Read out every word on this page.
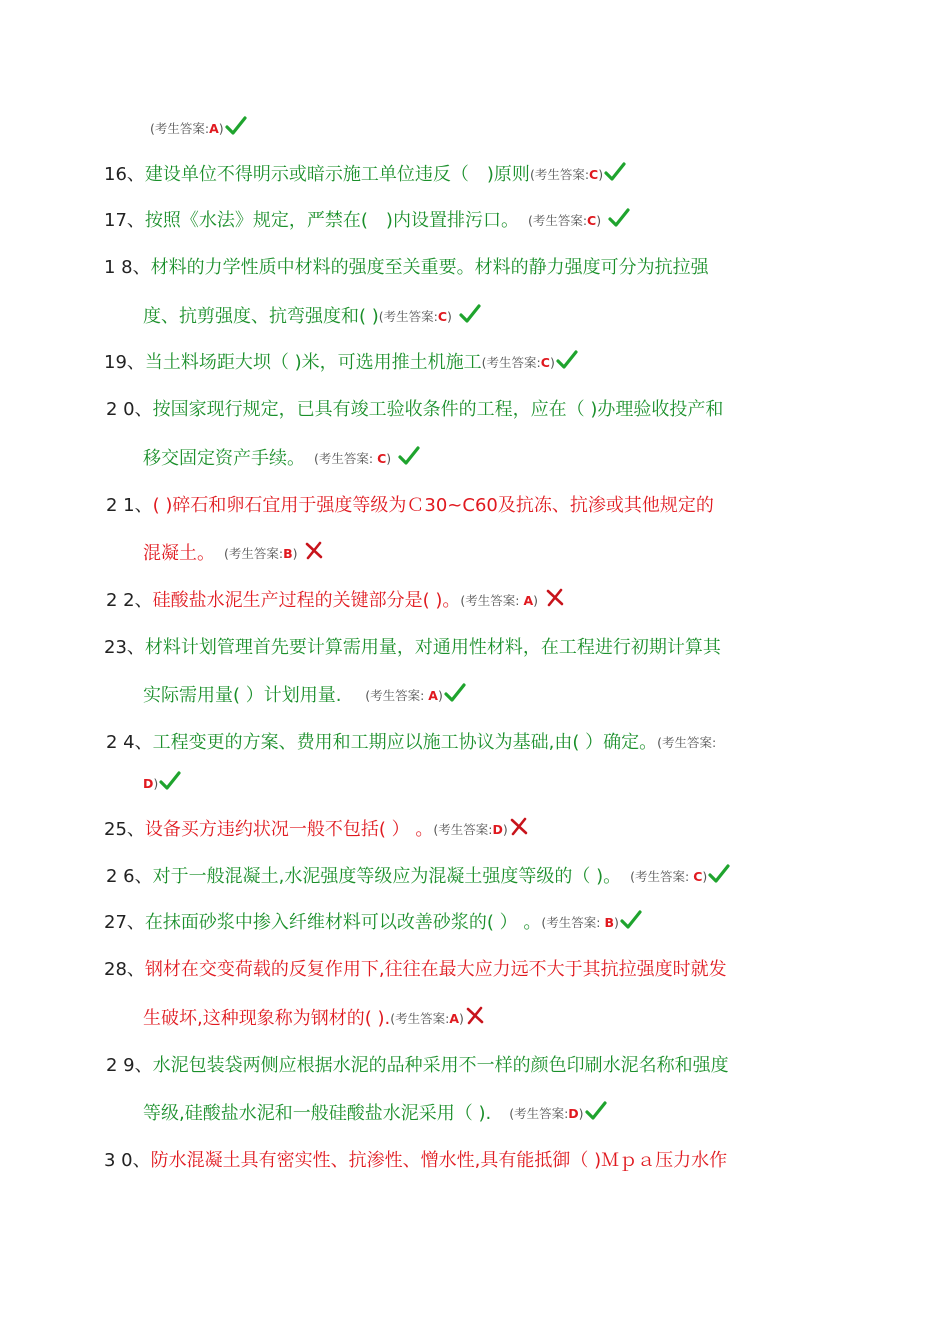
(考生答案:A)
16、建设单位不得明示或暗示施工单位违反（　)原则(考生答案:C)
17、按照《水法》规定，严禁在(　)内设置排污口。　 (考生答案:C)
1 8、材料的力学性质中材料的强度至关重要。材料的静力强度可分为抗拉强
度、抗剪强度、抗弯强度和( )(考生答案:C)
19、当土料场距大坝（ )米，可选用推土机施工(考生答案:C)
2 0、按国家现行规定，已具有竣工验收条件的工程，应在（ )办理验收投产和
移交固定资产手续。　 (考生答案: C)
2 1、( )碎石和卵石宜用于强度等级为Ｃ30~C60及抗冻、抗渗或其他规定的
混凝土。　 (考生答案:B)
2 2、硅酸盐水泥生产过程的关键部分是( )。(考生答案: A)
23、材料计划管理首先要计算需用量，对通用性材料，在工程进行初期计算其
实际需用量( ）计划用量.　 (考生答案: A)
2 4、工程变更的方案、费用和工期应以施工协议为基础,由( ）确定。(考生答案:
D)
25、设备买方违约状况一般不包括( ） 。(考生答案:D)
2 6、对于一般混凝土,水泥强度等级应为混凝土强度等级的（ )。　 (考生答案: C)
27、在抹面砂浆中掺入纤维材料可以改善砂浆的( ） 。(考生答案: B)
28、钢材在交变荷载的反复作用下,往往在最大应力远不大于其抗拉强度时就发
生破坏,这种现象称为钢材的( ).(考生答案:A)
2 9、水泥包装袋两侧应根据水泥的品种采用不一样的颜色印刷水泥名称和强度
等级,硅酸盐水泥和一般硅酸盐水泥采用（ ).　 (考生答案:D)
3 0、防水混凝土具有密实性、抗渗性、憎水性,具有能抵御（ )Ｍｐａ压力水作
